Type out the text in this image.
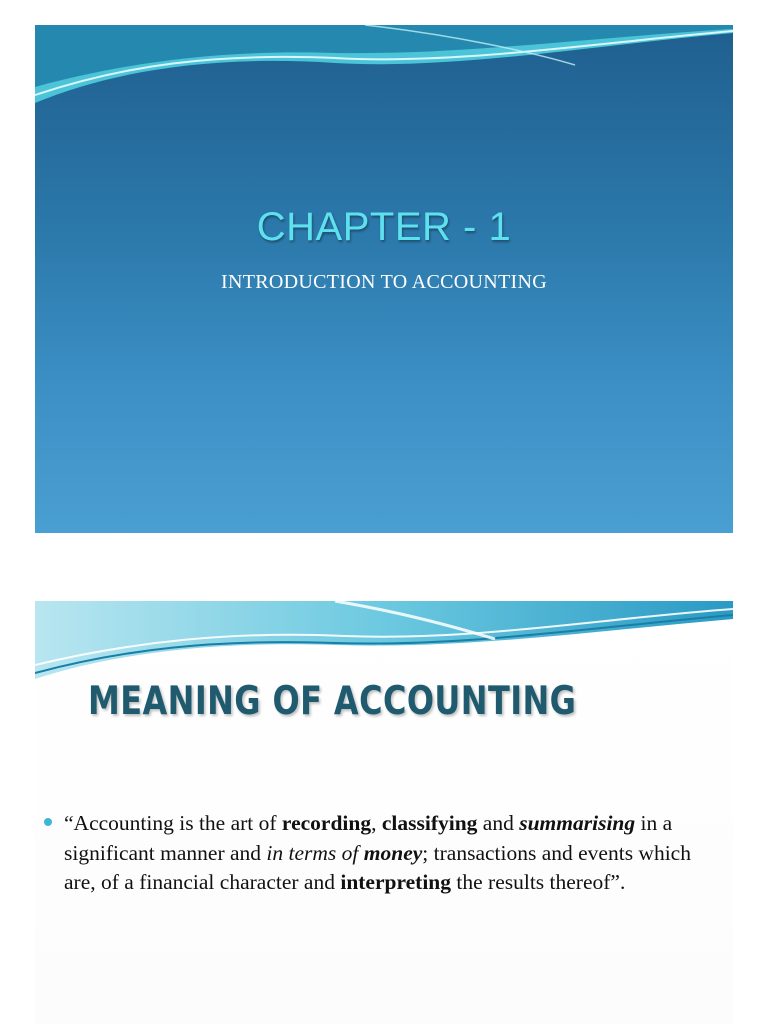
CHAPTER - 1
INTRODUCTION TO ACCOUNTING
MEANING OF ACCOUNTING
“Accounting is the art of recording, classifying and summarising in a significant manner and in terms of money; transactions and events which are, of a financial character and interpreting the results thereof”.
